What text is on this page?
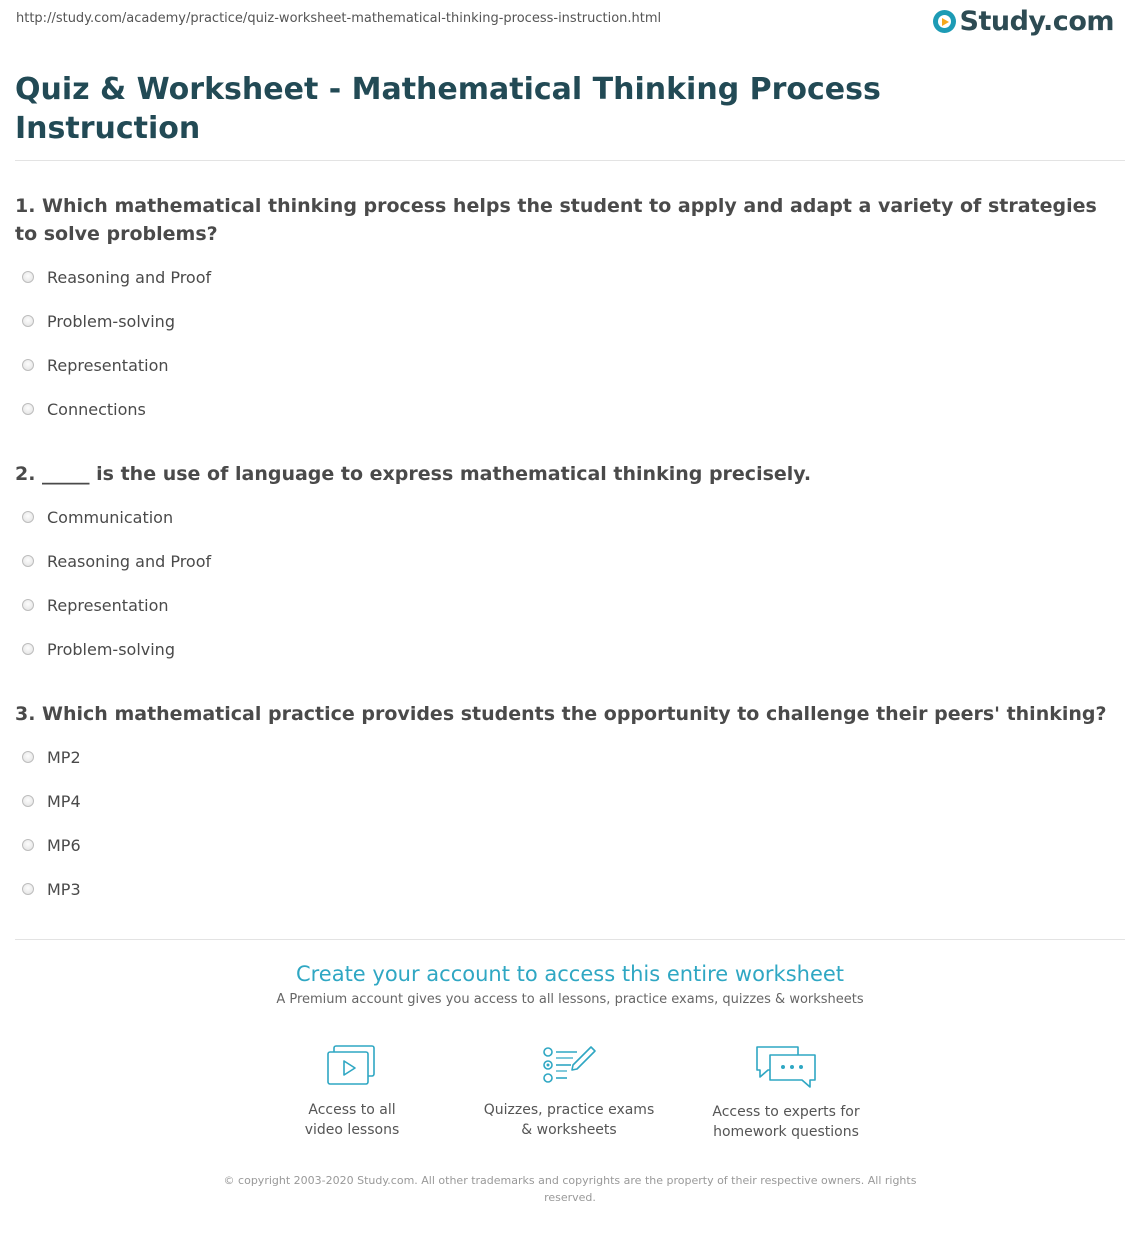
http://study.com/academy/practice/quiz-worksheet-mathematical-thinking-process-instruction.html	Study.com
Quiz & Worksheet - Mathematical Thinking Process Instruction
1. Which mathematical thinking process helps the student to apply and adapt a variety of strategies to solve problems?
Reasoning and Proof
Problem-solving
Representation
Connections
2. _____ is the use of language to express mathematical thinking precisely.
Communication
Reasoning and Proof
Representation
Problem-solving
3. Which mathematical practice provides students the opportunity to challenge their peers' thinking?
MP2
MP4
MP6
MP3
Create your account to access this entire worksheet
A Premium account gives you access to all lessons, practice exams, quizzes & worksheets
Access to all
video lessons
Quizzes, practice exams
& worksheets
Access to experts for
homework questions
© copyright 2003-2020 Study.com. All other trademarks and copyrights are the property of their respective owners. All rights reserved.
